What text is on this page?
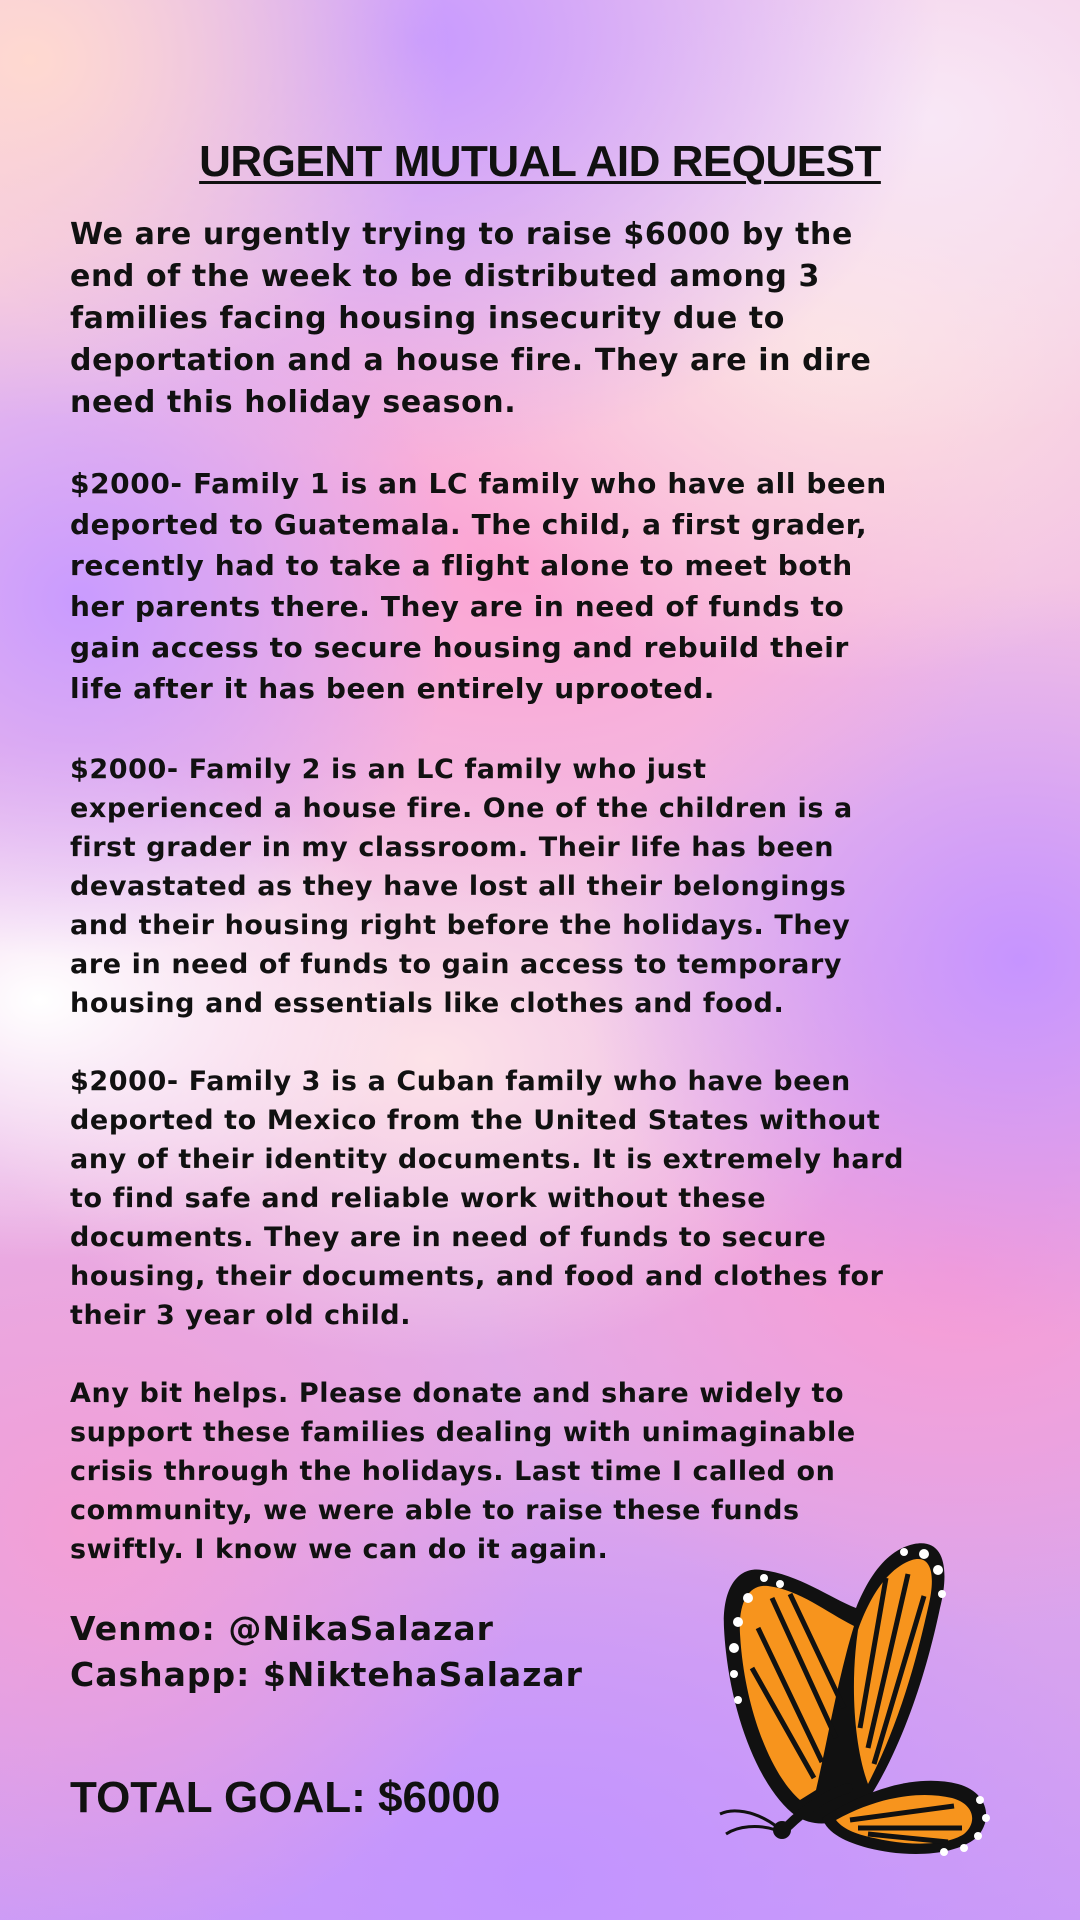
URGENT MUTUAL AID REQUEST

We are urgently trying to raise $6000 by the
end of the week to be distributed among 3
families facing housing insecurity due to
deportation and a house fire. They are in dire
need this holiday season.

$2000- Family 1 is an LC family who have all been
deported to Guatemala. The child, a first grader,
recently had to take a flight alone to meet both
her parents there. They are in need of funds to
gain access to secure housing and rebuild their
life after it has been entirely uprooted.

$2000- Family 2 is an LC family who just
experienced a house fire. One of the children is a
first grader in my classroom. Their life has been
devastated as they have lost all their belongings
and their housing right before the holidays. They
are in need of funds to gain access to temporary
housing and essentials like clothes and food.

$2000- Family 3 is a Cuban family who have been
deported to Mexico from the United States without
any of their identity documents. It is extremely hard
to find safe and reliable work without these
documents. They are in need of funds to secure
housing, their documents, and food and clothes for
their 3 year old child.

Any bit helps. Please donate and share widely to
support these families dealing with unimaginable
crisis through the holidays. Last time I called on
community, we were able to raise these funds
swiftly. I know we can do it again.

Venmo: @NikaSalazar
Cashapp: $NiktehaSalazar
TOTAL GOAL: $6000
